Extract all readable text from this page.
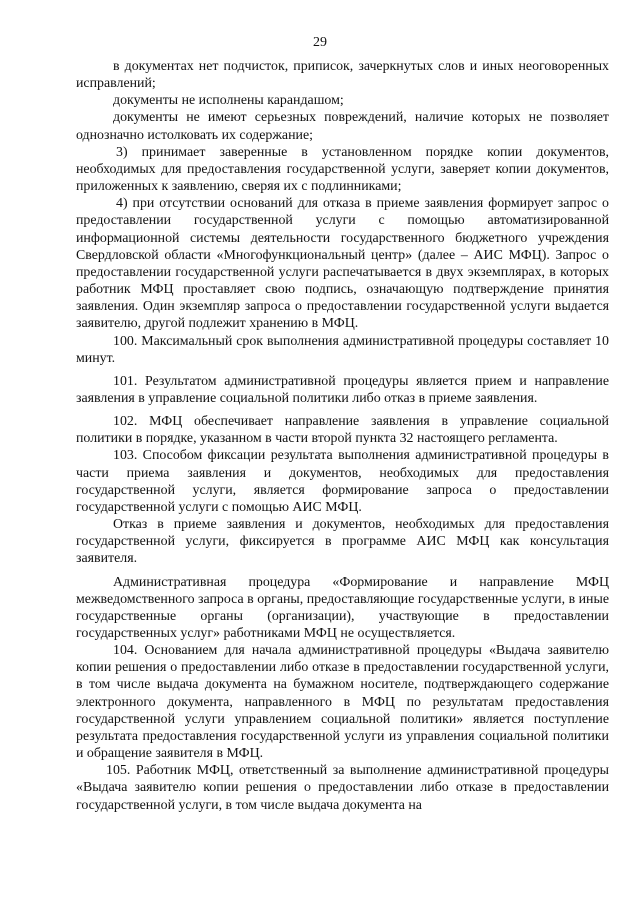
29

в документах нет подчисток, приписок, зачеркнутых слов и иных неоговоренных исправлений;

документы не исполнены карандашом;

документы не имеют серьезных повреждений, наличие которых не позволяет однозначно истолковать их содержание;

3) принимает заверенные в установленном порядке копии документов, необходимых для предоставления государственной услуги, заверяет копии документов, приложенных к заявлению, сверяя их с подлинниками;

4) при отсутствии оснований для отказа в приеме заявления формирует запрос о предоставлении государственной услуги с помощью автоматизированной информационной системы деятельности государственного бюджетного учреждения Свердловской области «Многофункциональный центр» (далее – АИС МФЦ). Запрос о предоставлении государственной услуги распечатывается в двух экземплярах, в которых работник МФЦ проставляет свою подпись, означающую подтверждение принятия заявления. Один экземпляр запроса о предоставлении государственной услуги выдается заявителю, другой подлежит хранению в МФЦ.

100. Максимальный срок выполнения административной процедуры составляет 10 минут.

101. Результатом административной процедуры является прием и направление заявления в управление социальной политики либо отказ в приеме заявления.

102. МФЦ обеспечивает направление заявления в управление социальной политики в порядке, указанном в части второй пункта 32 настоящего регламента.

103. Способом фиксации результата выполнения административной процедуры в части приема заявления и документов, необходимых для предоставления государственной услуги, является формирование запроса о предоставлении государственной услуги с помощью АИС МФЦ.

Отказ в приеме заявления и документов, необходимых для предоставления государственной услуги, фиксируется в программе АИС МФЦ как консультация заявителя.

Административная процедура «Формирование и направление МФЦ межведомственного запроса в органы, предоставляющие государственные услуги, в иные государственные органы (организации), участвующие в предоставлении государственных услуг» работниками МФЦ не осуществляется.

104. Основанием для начала административной процедуры «Выдача заявителю копии решения о предоставлении либо отказе в предоставлении государственной услуги, в том числе выдача документа на бумажном носителе, подтверждающего содержание электронного документа, направленного в МФЦ по результатам предоставления государственной услуги управлением социальной политики» является поступление результата предоставления государственной услуги из управления социальной политики и обращение заявителя в МФЦ.

105. Работник МФЦ, ответственный за выполнение административной процедуры «Выдача заявителю копии решения о предоставлении либо отказе в предоставлении государственной услуги, в том числе выдача документа на
